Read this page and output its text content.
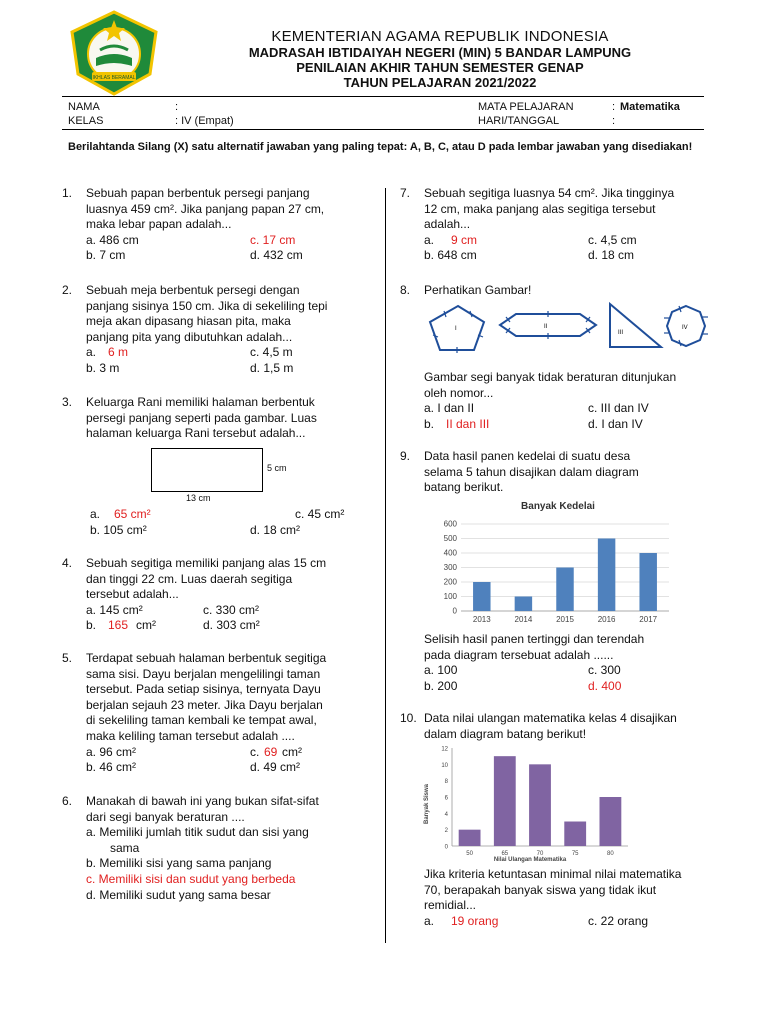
IKHLAS BERAMAL
KEMENTERIAN AGAMA REPUBLIK INDONESIA
MADRASAH IBTIDAIYAH NEGERI (MIN) 5 BANDAR LAMPUNG
PENILAIAN AKHIR TAHUN SEMESTER GENAP
TAHUN PELAJARAN 2021/2022
NAMA	:	MATA PELAJARAN	: Matematika
KELAS	: IV (Empat)	HARI/TANGGAL	:
Berilahtanda Silang (X) satu alternatif jawaban yang paling tepat: A, B, C, atau D pada lembar jawaban yang disediakan!
1. Sebuah papan berbentuk persegi panjang
luasnya 459 cm². Jika panjang papan 27 cm,
maka lebar papan adalah...
a. 486 cm	c. 17 cm
b. 7 cm	d. 432 cm
2. Sebuah meja berbentuk persegi dengan
panjang sisinya 150 cm. Jika di sekeliling tepi
meja akan dipasang hiasan pita, maka
panjang pita yang dibutuhkan adalah...
a. 6 m	c. 4,5 m
b. 3 m	d. 1,5 m
3. Keluarga Rani memiliki halaman berbentuk
persegi panjang seperti pada gambar. Luas
halaman keluarga Rani tersebut adalah...
5 cm
13 cm
a. 65 cm²	c. 45 cm²
b. 105 cm²	d. 18 cm²
4. Sebuah segitiga memiliki panjang alas 15 cm
dan tinggi 22 cm. Luas daerah segitiga
tersebut adalah...
a. 145 cm²	c. 330 cm²
b. 165 cm²	d. 303 cm²
5. Terdapat sebuah halaman berbentuk segitiga
sama sisi. Dayu berjalan mengelilingi taman
tersebut. Pada setiap sisinya, ternyata Dayu
berjalan sejauh 23 meter. Jika Dayu berjalan
di sekeliling taman kembali ke tempat awal,
maka keliling taman tersebut adalah ....
a. 96 cm²	c. 69 cm²
b. 46 cm²	d. 49 cm²
6. Manakah di bawah ini yang bukan sifat-sifat
dari segi banyak beraturan ....
a. Memiliki jumlah titik sudut dan sisi yang
sama
b. Memiliki sisi yang sama panjang
c. Memiliki sisi dan sudut yang berbeda
d. Memiliki sudut yang sama besar
7. Sebuah segitiga luasnya 54 cm². Jika tingginya
12 cm, maka panjang alas segitiga tersebut
adalah...
a. 9 cm	c. 4,5 cm
b. 648 cm	d. 18 cm
8. Perhatikan Gambar!
I	II
III
IV
Gambar segi banyak tidak beraturan ditunjukan
oleh nomor...
a. I dan II	c. III dan IV
b. II dan III	d. I dan IV
9. Data hasil panen kedelai di suatu desa
selama 5 tahun disajikan dalam diagram
batang berikut.
Banyak Kedelai
0
100
200
300
400
500
600
2013	2014	2015	2016	2017
Selisih hasil panen tertinggi dan terendah
pada diagram tersebuat adalah ......
a. 100	c. 300
b. 200	d. 400
10. Data nilai ulangan matematika kelas 4 disajikan
dalam diagram batang berikut!
Banyak Siswa
Nilai Ulangan Matematika
0
2
4
6
8
10
12
50	65	70	75	80
Jika kriteria ketuntasan minimal nilai matematika
70, berapakah banyak siswa yang tidak ikut
remidial...
a. 19 orang	c. 22 orang
